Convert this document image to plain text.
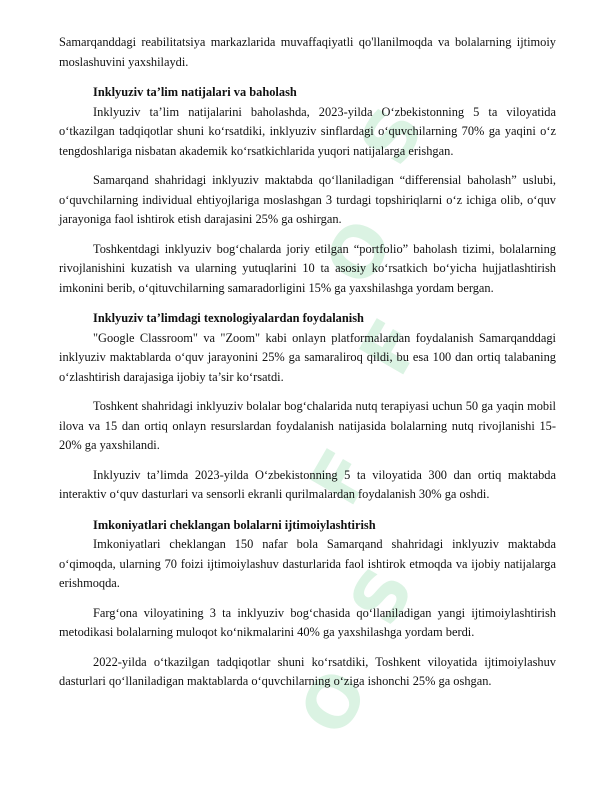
S
O
F
F
S
O

Samarqanddagi reabilitatsiya markazlarida muvaffaqiyatli qo'llanilmoqda va bolalarning ijtimoiy moslashuvini yaxshilaydi.

Inklyuziv ta’lim natijalari va baholash

Inklyuziv ta’lim natijalarini baholashda, 2023-yilda O‘zbekistonning 5 ta viloyatida o‘tkazilgan tadqiqotlar shuni ko‘rsatdiki, inklyuziv sinflardagi o‘quvchilarning 70% ga yaqini o‘z tengdoshlariga nisbatan akademik ko‘rsatkichlarida yuqori natijalarga erishgan.

Samarqand shahridagi inklyuziv maktabda qo‘llaniladigan “differensial baholash” uslubi, o‘quvchilarning individual ehtiyojlariga moslashgan 3 turdagi topshiriqlarni o‘z ichiga olib, o‘quv jarayoniga faol ishtirok etish darajasini 25% ga oshirgan.

Toshkentdagi inklyuziv bog‘chalarda joriy etilgan “portfolio” baholash tizimi, bolalarning rivojlanishini kuzatish va ularning yutuqlarini 10 ta asosiy ko‘rsatkich bo‘yicha hujjatlashtirish imkonini berib, o‘qituvchilarning samaradorligini 15% ga yaxshilashga yordam bergan.

Inklyuziv ta’limdagi texnologiyalardan foydalanish

"Google Classroom" va "Zoom" kabi onlayn platformalardan foydalanish Samarqanddagi inklyuziv maktablarda o‘quv jarayonini 25% ga samaraliroq qildi, bu esa 100 dan ortiq talabaning o‘zlashtirish darajasiga ijobiy ta’sir ko‘rsatdi.

Toshkent shahridagi inklyuziv bolalar bog‘chalarida nutq terapiyasi uchun 50 ga yaqin mobil ilova va 15 dan ortiq onlayn resurslardan foydalanish natijasida bolalarning nutq rivojlanishi 15-20% ga yaxshilandi.

Inklyuziv ta’limda 2023-yilda O‘zbekistonning 5 ta viloyatida 300 dan ortiq maktabda interaktiv o‘quv dasturlari va sensorli ekranli qurilmalardan foydalanish 30% ga oshdi.

Imkoniyatlari cheklangan bolalarni ijtimoiylashtirish

Imkoniyatlari cheklangan 150 nafar bola Samarqand shahridagi inklyuziv maktabda o‘qimoqda, ularning 70 foizi ijtimoiylashuv dasturlarida faol ishtirok etmoqda va ijobiy natijalarga erishmoqda.

Farg‘ona viloyatining 3 ta inklyuziv bog‘chasida qo‘llaniladigan yangi ijtimoiylashtirish metodikasi bolalarning muloqot ko‘nikmalarini 40% ga yaxshilashga yordam berdi.

2022-yilda o‘tkazilgan tadqiqotlar shuni ko‘rsatdiki, Toshkent viloyatida ijtimoiylashuv dasturlari qo‘llaniladigan maktablarda o‘quvchilarning o‘ziga ishonchi 25% ga oshgan.
